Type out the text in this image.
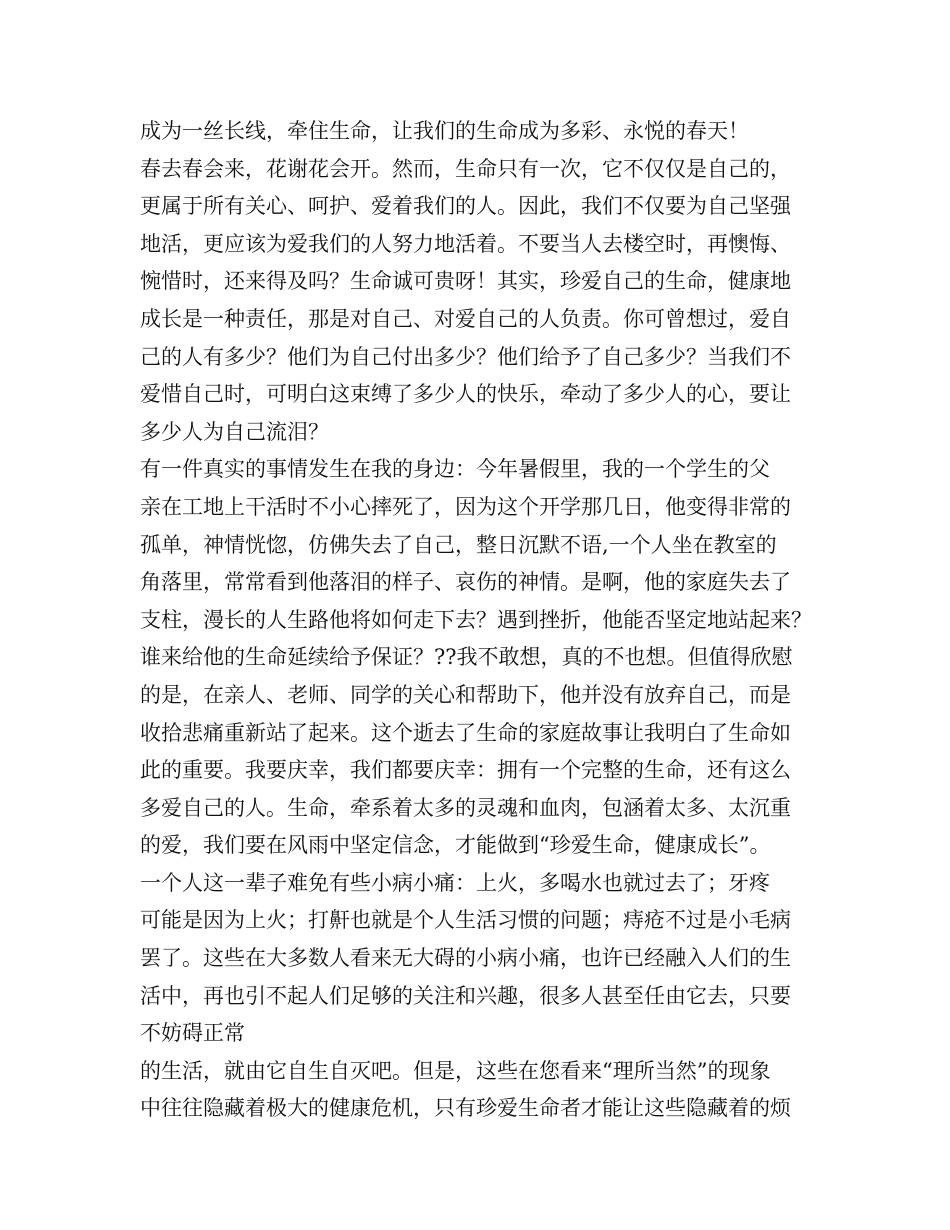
成为一丝长线，牵住生命，让我们的生命成为多彩、永悦的春天！
春去春会来，花谢花会开。然而，生命只有一次，它不仅仅是自己的，
更属于所有关心、呵护、爱着我们的人。因此，我们不仅要为自己坚强
地活，更应该为爱我们的人努力地活着。不要当人去楼空时，再懊悔、
惋惜时，还来得及吗？生命诚可贵呀！其实，珍爱自己的生命，健康地
成长是一种责任，那是对自己、对爱自己的人负责。你可曾想过，爱自
己的人有多少？他们为自己付出多少？他们给予了自己多少？当我们不
爱惜自己时，可明白这束缚了多少人的快乐，牵动了多少人的心，要让
多少人为自己流泪？
有一件真实的事情发生在我的身边：今年暑假里，我的一个学生的父
亲在工地上干活时不小心摔死了，因为这个开学那几日，他变得非常的
孤单，神情恍惚，仿佛失去了自己，整日沉默不语,一个人坐在教室的
角落里，常常看到他落泪的样子、哀伤的神情。是啊，他的家庭失去了
支柱，漫长的人生路他将如何走下去？遇到挫折，他能否坚定地站起来？
谁来给他的生命延续给予保证？??我不敢想，真的不也想。但值得欣慰
的是，在亲人、老师、同学的关心和帮助下，他并没有放弃自己，而是
收拾悲痛重新站了起来。这个逝去了生命的家庭故事让我明白了生命如
此的重要。我要庆幸，我们都要庆幸：拥有一个完整的生命，还有这么
多爱自己的人。生命，牵系着太多的灵魂和血肉，包涵着太多、太沉重
的爱，我们要在风雨中坚定信念，才能做到“珍爱生命，健康成长”。
一个人这一辈子难免有些小病小痛：上火，多喝水也就过去了；牙疼
可能是因为上火；打鼾也就是个人生活习惯的问题；痔疮不过是小毛病
罢了。这些在大多数人看来无大碍的小病小痛，也许已经融入人们的生
活中，再也引不起人们足够的关注和兴趣，很多人甚至任由它去，只要
不妨碍正常
的生活，就由它自生自灭吧。但是，这些在您看来“理所当然”的现象
中往往隐藏着极大的健康危机，只有珍爱生命者才能让这些隐藏着的烦
